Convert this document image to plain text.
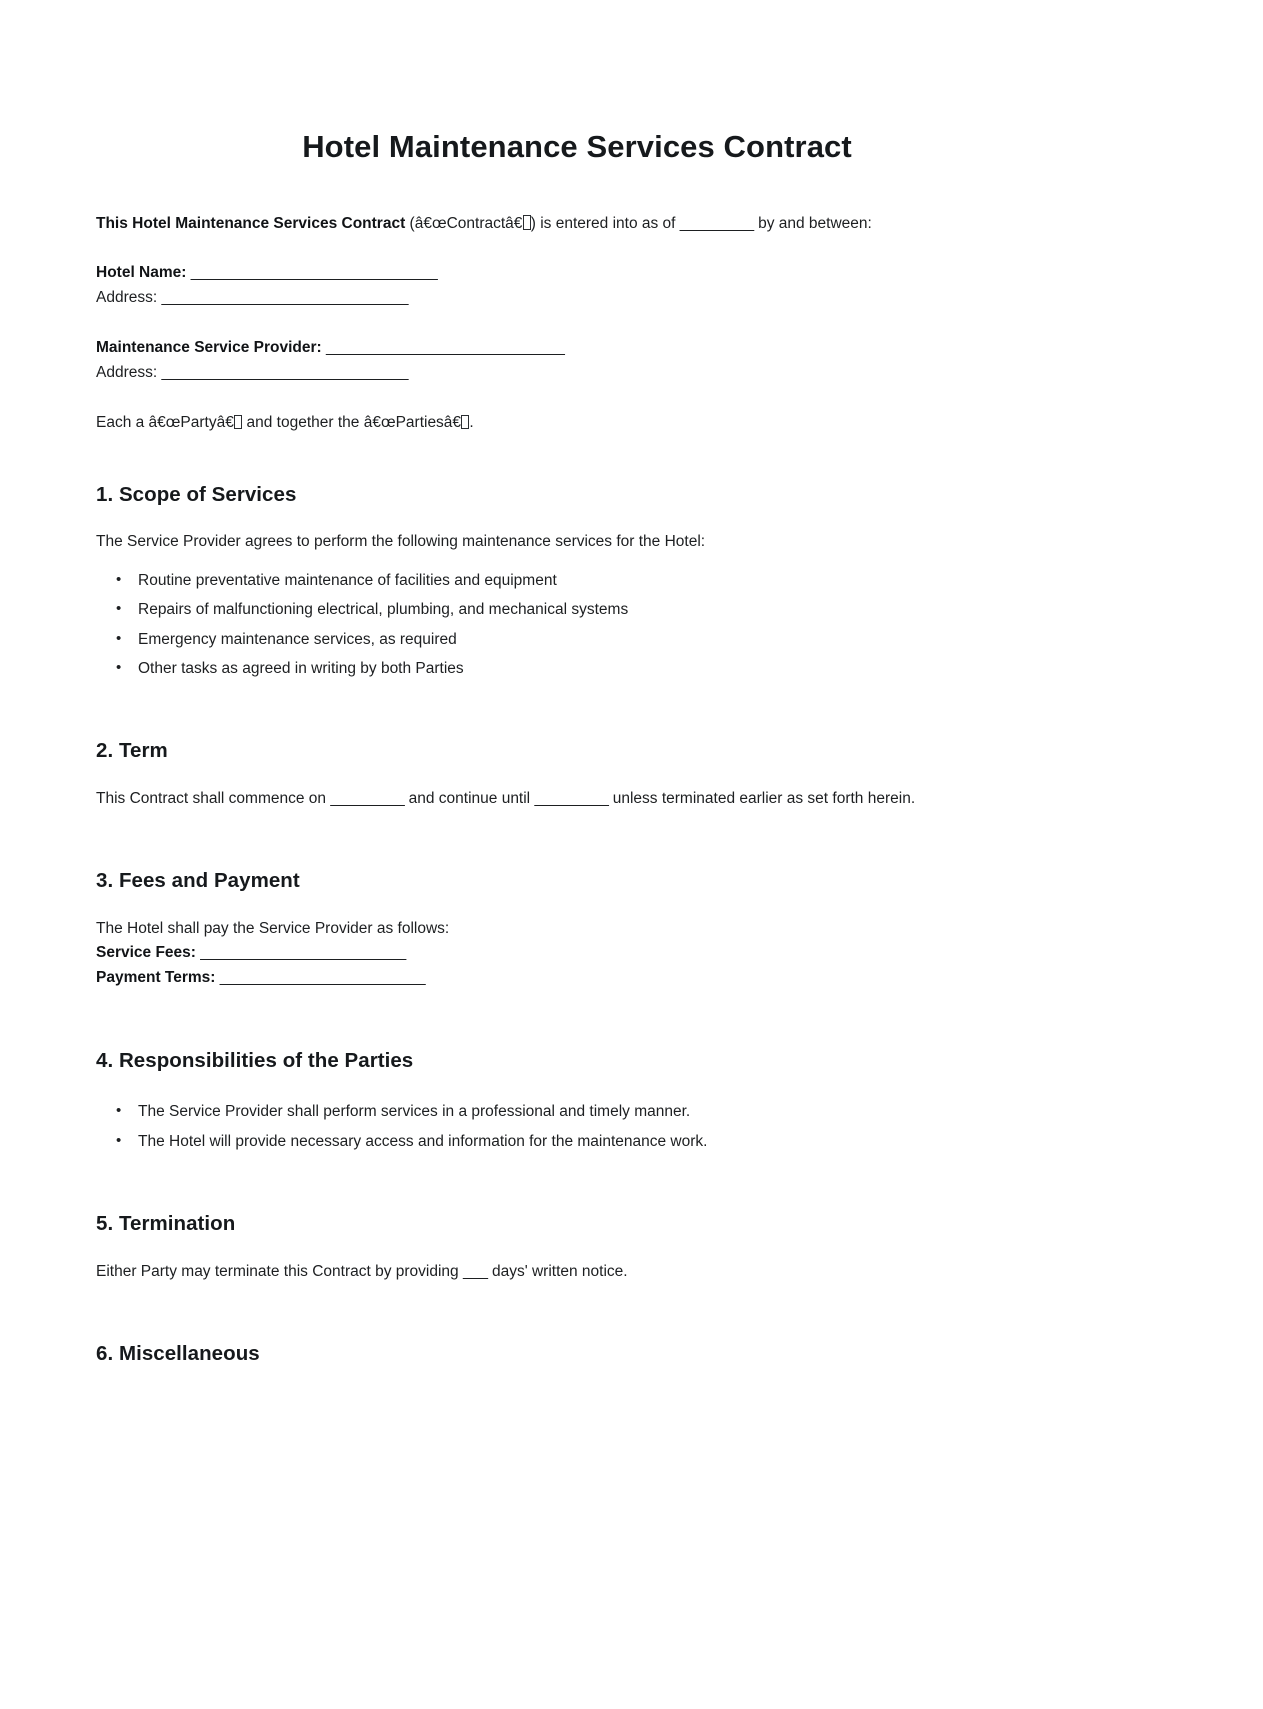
Hotel Maintenance Services Contract

This Hotel Maintenance Services Contract (â€œContractâ€ ) is entered into as of _________ by and between:

Hotel Name: ______________________________
Address: ______________________________
Maintenance Service Provider: _____________________________
Address: ______________________________

Each a â€œPartyâ€ and together the â€œPartiesâ€ .

1. Scope of Services

The Service Provider agrees to perform the following maintenance services for the Hotel:

• Routine preventative maintenance of facilities and equipment
• Repairs of malfunctioning electrical, plumbing, and mechanical systems
• Emergency maintenance services, as required
• Other tasks as agreed in writing by both Parties
2. Term

This Contract shall commence on _________ and continue until _________ unless terminated earlier as set forth herein.

3. Fees and Payment

The Hotel shall pay the Service Provider as follows:

Service Fees: _________________________
Payment Terms: _________________________
4. Responsibilities of the Parties
• The Service Provider shall perform services in a professional and timely manner.
• The Hotel will provide necessary access and information for the maintenance work.
5. Termination

Either Party may terminate this Contract by providing ___ days' written notice.

6. Miscellaneous
